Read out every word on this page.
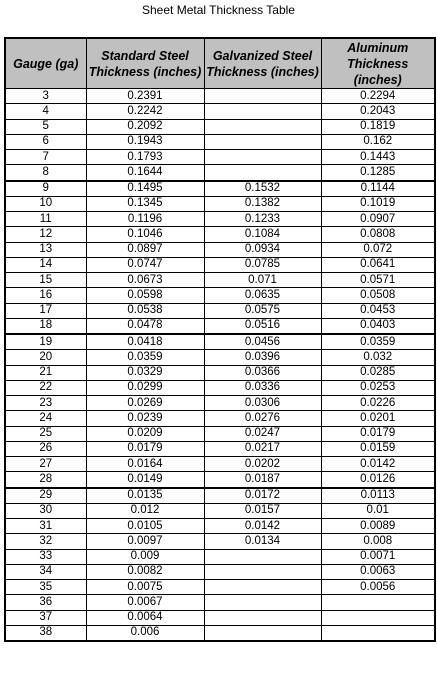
Sheet Metal Thickness Table
Gauge (ga)	Standard Steel Thickness (inches)	Galvanized Steel Thickness (inches)	Aluminum Thickness (inches)
3	0.2391		0.2294
4	0.2242		0.2043
5	0.2092		0.1819
6	0.1943		0.162
7	0.1793		0.1443
8	0.1644		0.1285
9	0.1495	0.1532	0.1144
10	0.1345	0.1382	0.1019
11	0.1196	0.1233	0.0907
12	0.1046	0.1084	0.0808
13	0.0897	0.0934	0.072
14	0.0747	0.0785	0.0641
15	0.0673	0.071	0.0571
16	0.0598	0.0635	0.0508
17	0.0538	0.0575	0.0453
18	0.0478	0.0516	0.0403
19	0.0418	0.0456	0.0359
20	0.0359	0.0396	0.032
21	0.0329	0.0366	0.0285
22	0.0299	0.0336	0.0253
23	0.0269	0.0306	0.0226
24	0.0239	0.0276	0.0201
25	0.0209	0.0247	0.0179
26	0.0179	0.0217	0.0159
27	0.0164	0.0202	0.0142
28	0.0149	0.0187	0.0126
29	0.0135	0.0172	0.0113
30	0.012	0.0157	0.01
31	0.0105	0.0142	0.0089
32	0.0097	0.0134	0.008
33	0.009		0.0071
34	0.0082		0.0063
35	0.0075		0.0056
36	0.0067		
37	0.0064		
38	0.006		
